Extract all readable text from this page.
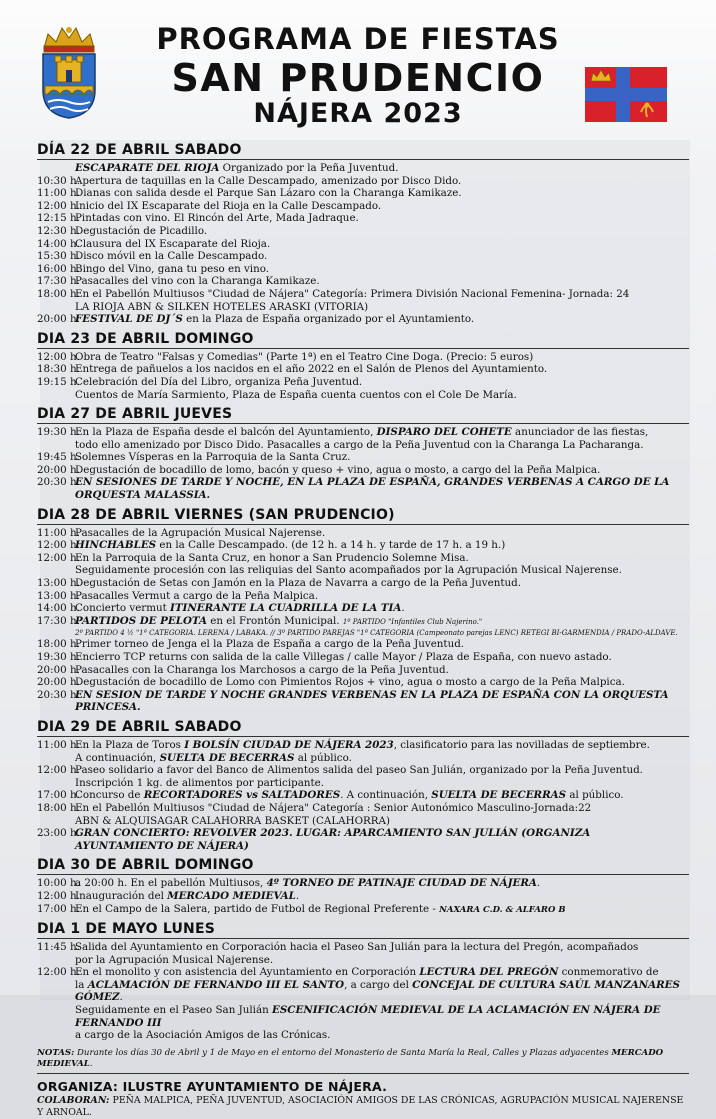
PROGRAMA DE FIESTAS
SAN PRUDENCIO
NÁJERA 2023
DÍA 22 DE ABRIL SABADO
ESCAPARATE DEL RIOJA Organizado por la Peña Juventud.
10:30 h.
Apertura de taquillas en la Calle Descampado, amenizado por Disco Dido.
11:00 h.
Dianas con salida desde el Parque San Lázaro con la Charanga Kamikaze.
12:00 h.
Inicio del IX Escaparate del Rioja en la Calle Descampado.
12:15 h.
Pintadas con vino. El Rincón del Arte, Mada Jadraque.
12:30 h.
Degustación de Picadillo.
14:00 h.
Clausura del IX Escaparate del Rioja.
15:30 h.
Disco móvil en la Calle Descampado.
16:00 h.
Bingo del Vino, gana tu peso en vino.
17:30 h.
Pasacalles del vino con la Charanga Kamikaze.
18:00 h.
En el Pabellón Multiusos "Ciudad de Nájera" Categoría: Primera División Nacional Femenina- Jornada: 24
LA RIOJA ABN & SILKEN HOTELES ARASKI (VITORIA)
20:00 h.
FESTIVAL DE DJ´S en la Plaza de España organizado por el Ayuntamiento.
DIA 23 DE ABRIL DOMINGO
12:00 h.
Obra de Teatro "Falsas y Comedias" (Parte 1ª) en el Teatro Cine Doga. (Precio: 5 euros)
18:30 h.
Entrega de pañuelos a los nacidos en el año 2022 en el Salón de Plenos del Ayuntamiento.
19:15 h.
Celebración del Día del Libro, organiza Peña Juventud.
Cuentos de María Sarmiento, Plaza de España cuenta cuentos con el Cole De María.
DIA 27 DE ABRIL JUEVES
19:30 h.
En la Plaza de España desde el balcón del Ayuntamiento, DISPARO DEL COHETE anunciador de las fiestas,
todo ello amenizado por Disco Dido. Pasacalles a cargo de la Peña Juventud con la Charanga La Pacharanga.
19:45 h.
Solemnes Vísperas en la Parroquia de la Santa Cruz.
20:00 h.
Degustación de bocadillo de lomo, bacón y queso + vino, agua o mosto, a cargo del la Peña Malpica.
20:30 h.
EN SESIONES DE TARDE Y NOCHE, EN LA PLAZA DE ESPAÑA, GRANDES VERBENAS A CARGO DE LA ORQUESTA MALASSIA.
DIA 28 DE ABRIL VIERNES (SAN PRUDENCIO)
11:00 h.
Pasacalles de la Agrupación Musical Najerense.
12:00 h.
HINCHABLES en la Calle Descampado. (de 12 h. a 14 h. y tarde de 17 h. a 19 h.)
12:00 h.
En la Parroquia de la Santa Cruz, en honor a San Prudencio Solemne Misa.
Seguidamente procesión con las reliquias del Santo acompañados por la Agrupación Musical Najerense.
13:00 h.
Degustación de Setas con Jamón en la Plaza de Navarra a cargo de la Peña Juventud.
13:00 h.
Pasacalles Vermut a cargo de la Peña Malpica.
14:00 h.
Concierto vermut ITINERANTE LA CUADRILLA DE LA TIA.
17:30 h.
PARTIDOS DE PELOTA en el Frontón Municipal. 1º PARTIDO "Infantiles Club Najerino."
2º PARTIDO 4 ½ "1ª CATEGORIA. LERENA / LABAKA. // 3º PARTIDO PAREJAS "1ª CATEGORIA (Campeonato parejas LENC) RETEGI BI-GARMENDIA / PRADO-ALDAVE.
18:00 h.
Primer torneo de Jenga el la Plaza de España a cargo de la Peña Juventud.
19:30 h.
Encierro TCP returns con salida de la calle Villegas / calle Mayor / Plaza de España, con nuevo astado.
20:00 h.
Pasacalles con la Charanga los Marchosos a cargo de la Peña Juventud.
20:00 h.
Degustación de bocadillo de Lomo con Pimientos Rojos + vino, agua o mosto a cargo de la Peña Malpica.
20:30 h.
EN SESION DE TARDE Y NOCHE GRANDES VERBENAS EN LA PLAZA DE ESPAÑA CON LA ORQUESTA PRINCESA.
DIA 29 DE ABRIL SABADO
11:00 h.
En la Plaza de Toros I BOLSÍN CIUDAD DE NÁJERA 2023, clasificatorio para las novilladas de septiembre.
A continuación, SUELTA DE BECERRAS al público.
12:00 h.
Paseo solidario a favor del Banco de Alimentos salida del paseo San Julián, organizado por la Peña Juventud.
Inscripción 1 kg. de alimentos por participante.
17:00 h.
Concurso de RECORTADORES vs SALTADORES. A continuación, SUELTA DE BECERRAS al público.
18:00 h.
En el Pabellón Multiusos "Ciudad de Nájera" Categoría : Senior Autonómico Masculino-Jornada:22
ABN & ALQUISAGAR CALAHORRA BASKET (CALAHORRA)
23:00 h.
GRAN CONCIERTO: REVOLVER 2023. LUGAR: APARCAMIENTO SAN JULIÁN (ORGANIZA AYUNTAMIENTO DE NÁJERA)
DIA 30 DE ABRIL DOMINGO
10:00 h.
a 20:00 h. En el pabellón Multiusos, 4º TORNEO DE PATINAJE CIUDAD DE NÁJERA.
12:00 h.
Inauguración del MERCADO MEDIEVAL.
17:00 h.
En el Campo de la Salera, partido de Futbol de Regional Preferente - NAXARA C.D. & ALFARO B
DIA 1 DE MAYO LUNES
11:45 h.
Salida del Ayuntamiento en Corporación hacia el Paseo San Julián para la lectura del Pregón, acompañados
por la Agrupación Musical Najerense.
12:00 h.
En el monolito y con asistencia del Ayuntamiento en Corporación LECTURA DEL PREGÓN conmemorativo de
la ACLAMACIÓN DE FERNANDO III EL SANTO, a cargo del CONCEJAL DE CULTURA SAÚL MANZANARES GÓMEZ.
Seguidamente en el Paseo San Julián ESCENIFICACIÓN MEDIEVAL DE LA ACLAMACIÓN EN NÁJERA DE FERNANDO III
a cargo de la Asociación Amigos de las Crónicas.
NOTAS: Durante los días 30 de Abril y 1 de Mayo en el entorno del Monasterio de Santa María la Real, Calles y Plazas adyacentes MERCADO MEDIEVAL.
ORGANIZA: ILUSTRE AYUNTAMIENTO DE NÁJERA.
COLABORAN: PEÑA MALPICA, PEÑA JUVENTUD, ASOCIACIÓN AMIGOS DE LAS CRÓNICAS, AGRUPACIÓN MUSICAL NAJERENSE Y ARNOAL.
